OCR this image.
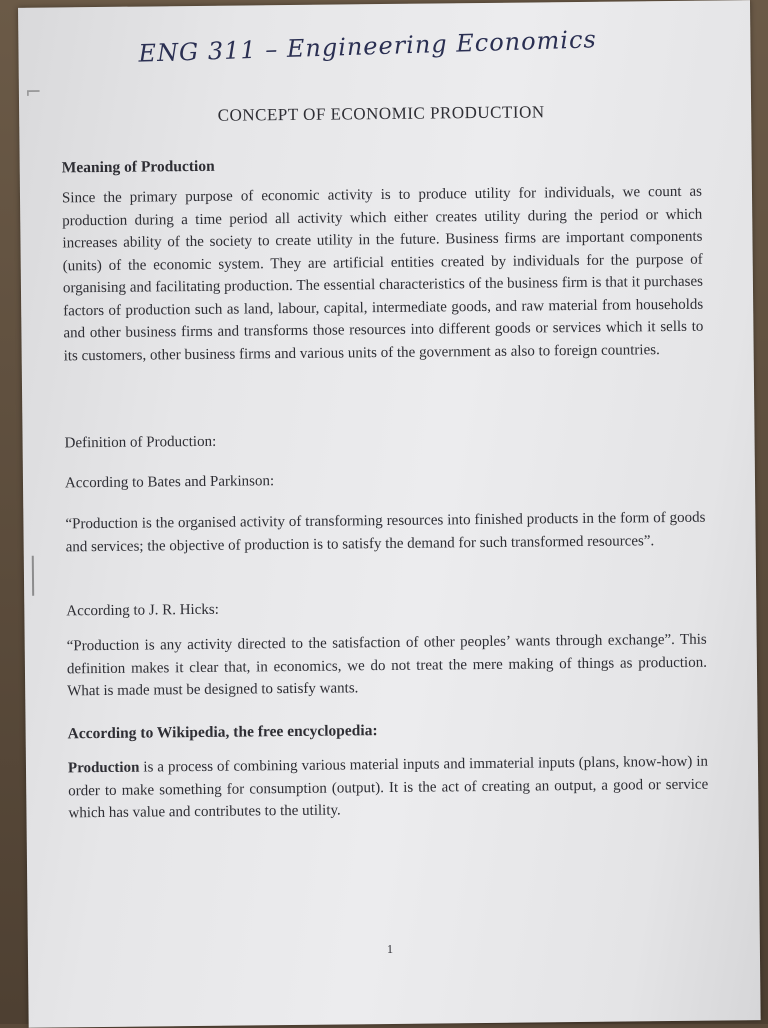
⌐
ENG 311 – Engineering Economics
CONCEPT OF ECONOMIC PRODUCTION
Meaning of Production

Since the primary purpose of economic activity is to produce utility for individuals, we count as production during a time period all activity which either creates utility during the period or which increases ability of the society to create utility in the future. Business firms are important components (units) of the economic system. They are artificial entities created by individuals for the purpose of organising and facilitating production. The essential characteristics of the business firm is that it purchases factors of production such as land, labour, capital, intermediate goods, and raw material from households and other business firms and transforms those resources into different goods or services which it sells to its customers, other business firms and various units of the government as also to foreign countries.

Definition of Production:
According to Bates and Parkinson:

“Production is the organised activity of transforming resources into finished products in the form of goods and services; the objective of production is to satisfy the demand for such transformed resources”.

According to J. R. Hicks:

“Production is any activity directed to the satisfaction of other peoples’ wants through exchange”. This definition makes it clear that, in economics, we do not treat the mere making of things as production. What is made must be designed to satisfy wants.

According to Wikipedia, the free encyclopedia:

Production is a process of combining various material inputs and immaterial inputs (plans, know-how) in order to make something for consumption (output). It is the act of creating an output, a good or service which has value and contributes to the utility.

1
